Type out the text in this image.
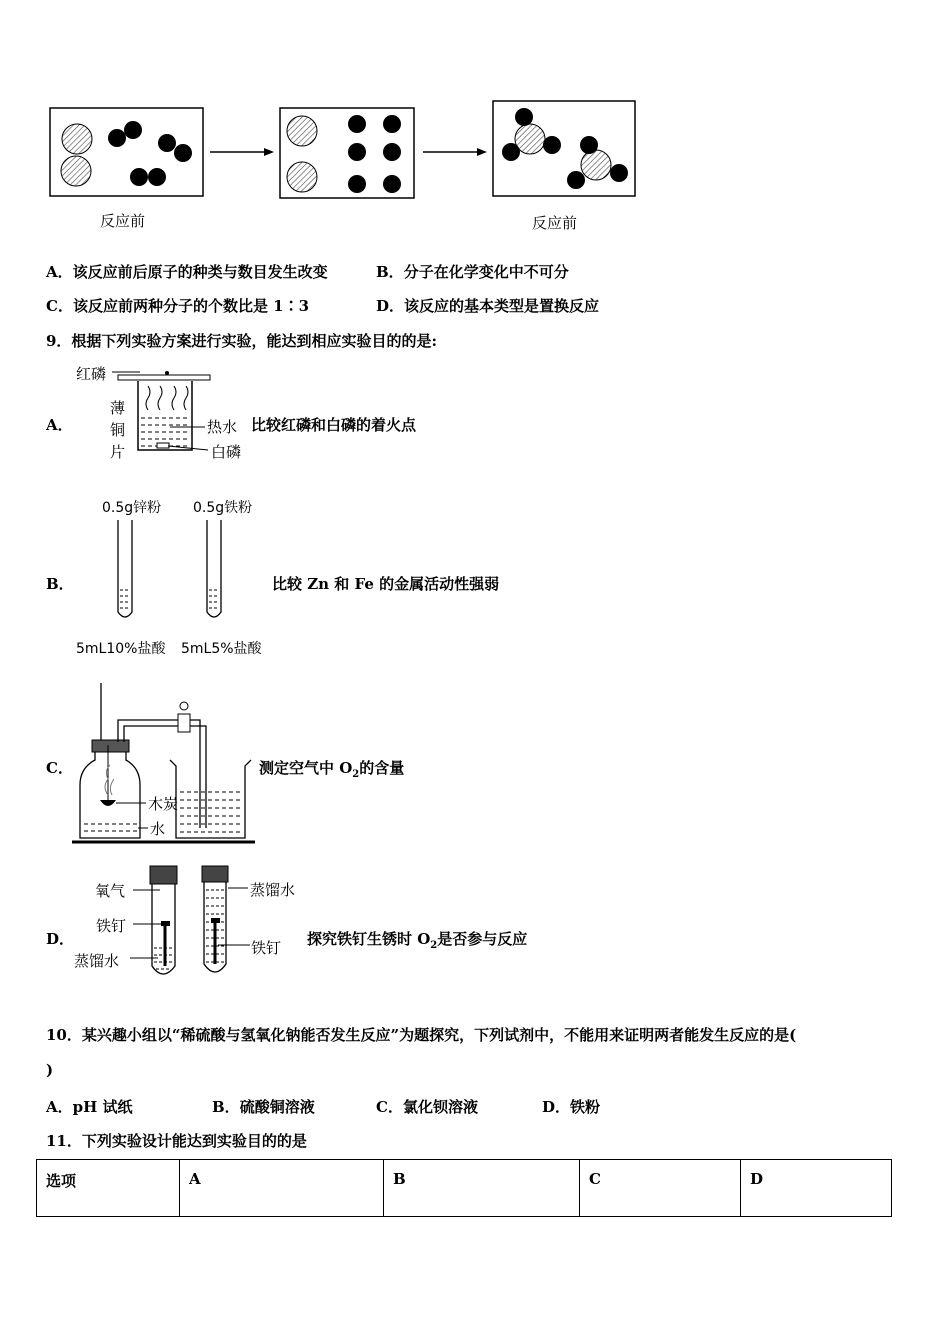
反应前	反应前
A．该反应前后原子的种类与数目发生改变	B．分子在化学变化中不可分
C．该反应前两种分子的个数比是 1∶3	D．该反应的基本类型是置换反应
9．根据下列实验方案进行实验，能达到相应实验目的的是:
A．
红磷
薄
铜
片
热水
白磷
比较红磷和白磷的着火点
0.5g锌粉 0.5g铁粉
B．	比较 Zn 和 Fe 的金属活动性强弱
5mL10%盐酸 5mL5%盐酸
C．
木炭
水
测定空气中 $O_2$的含量
氧气
铁钉
蒸馏水
蒸馏水
铁钉
D．	探究铁钉生锈时 $O_2$是否参与反应
10．某兴趣小组以“稀硫酸与氢氧化钠能否发生反应”为题探究，下列试剂中，不能用来证明两者能发生反应的是(
)
A．pH 试纸	B．硫酸铜溶液	C．氯化钡溶液	D．铁粉
11．下列实验设计能达到实验目的的是
选项	A	B	C	D
